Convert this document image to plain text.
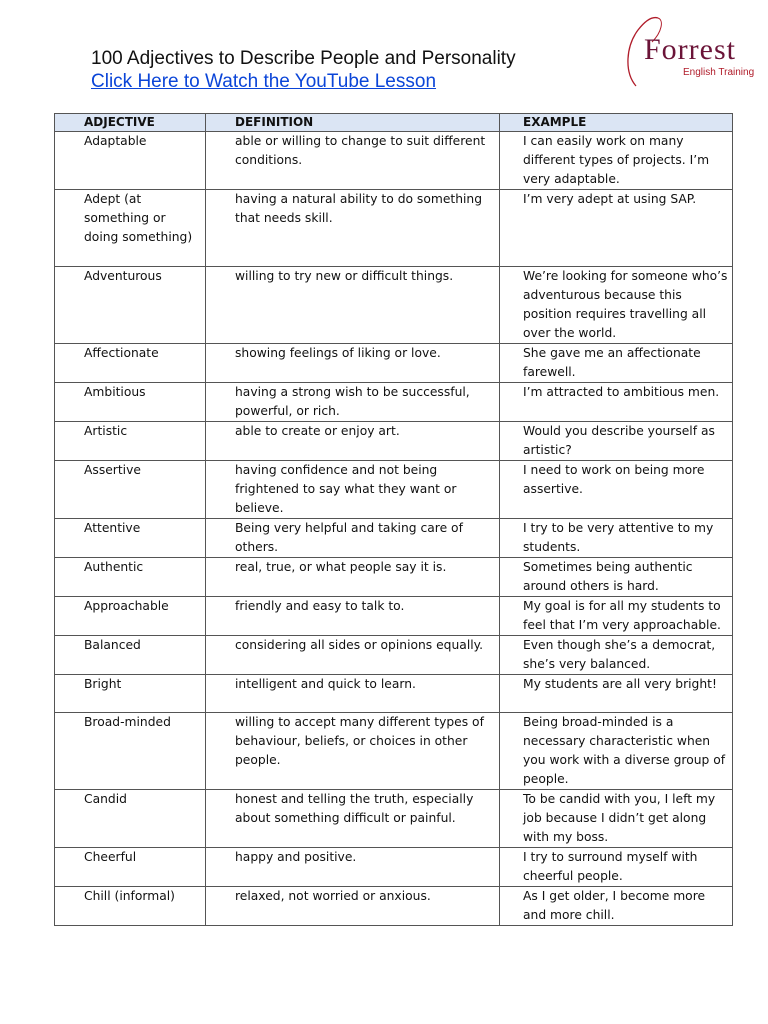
100 Adjectives to Describe People and Personality
Click Here to Watch the YouTube Lesson
Forrest
English Training
ADJECTIVE	DEFINITION	EXAMPLE
Adaptable	able or willing to change to suit different conditions.	I can easily work on many different types of projects. I’m very adaptable.
Adept (at something or doing something)	having a natural ability to do something that needs skill.	I’m very adept at using SAP.
Adventurous	willing to try new or difficult things.	We’re looking for someone who’s adventurous because this position requires travelling all over the world.
Affectionate	showing feelings of liking or love.	She gave me an affectionate farewell.
Ambitious	having a strong wish to be successful, powerful, or rich.	I’m attracted to ambitious men.
Artistic	able to create or enjoy art.	Would you describe yourself as artistic?
Assertive	having confidence and not being frightened to say what they want or believe.	I need to work on being more assertive.
Attentive	Being very helpful and taking care of others.	I try to be very attentive to my students.
Authentic	real, true, or what people say it is.	Sometimes being authentic around others is hard.
Approachable	friendly and easy to talk to.	My goal is for all my students to feel that I’m very approachable.
Balanced	considering all sides or opinions equally.	Even though she’s a democrat, she’s very balanced.
Bright	intelligent and quick to learn.	My students are all very bright!
Broad-minded	willing to accept many different types of behaviour, beliefs, or choices in other people.	Being broad-minded is a necessary characteristic when you work with a diverse group of people.
Candid	honest and telling the truth, especially about something difficult or painful.	To be candid with you, I left my job because I didn’t get along with my boss.
Cheerful	happy and positive.	I try to surround myself with cheerful people.
Chill (informal)	relaxed, not worried or anxious.	As I get older, I become more and more chill.
